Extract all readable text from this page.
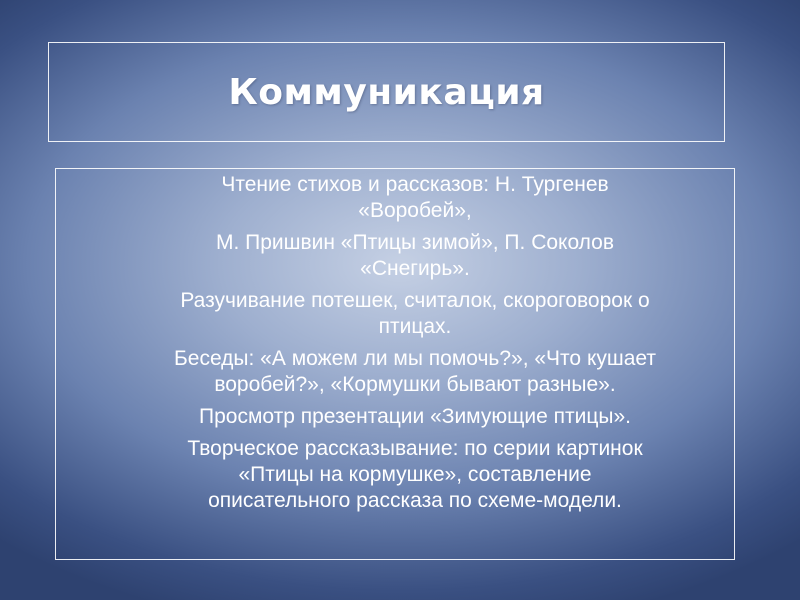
Коммуникация
Чтение стихов и рассказов: Н. Тургенев
«Воробей»,
М. Пришвин «Птицы зимой», П. Соколов
«Снегирь».
Разучивание потешек, считалок, скороговорок о
птицах.
Беседы: «А можем ли мы помочь?», «Что кушает
воробей?», «Кормушки бывают разные».
Просмотр презентации «Зимующие птицы».
Творческое рассказывание: по серии картинок
«Птицы на кормушке», составление
описательного рассказа по схеме-модели.
